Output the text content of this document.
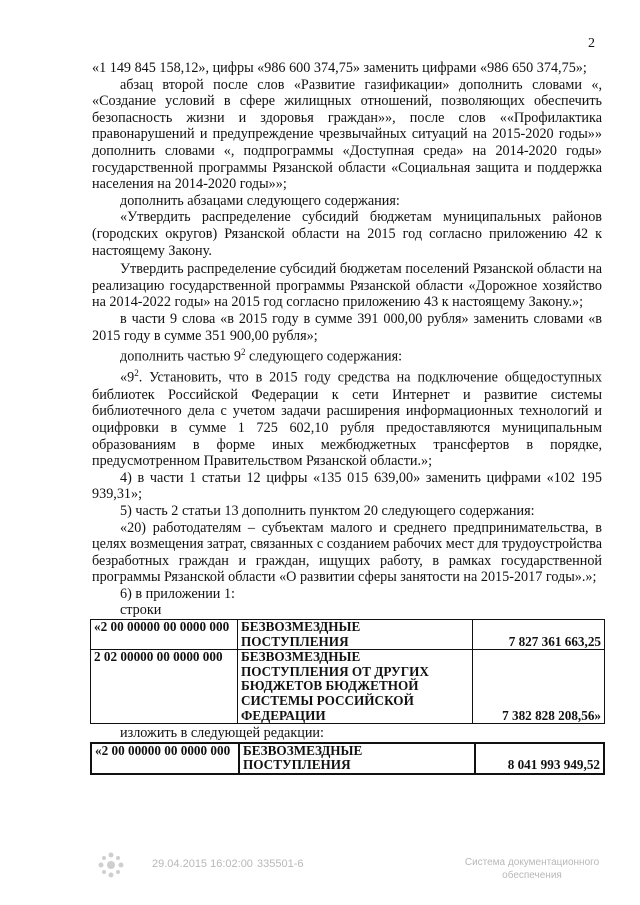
2

«1 149 845 158,12», цифры «986 600 374,75» заменить цифрами «986 650 374,75»;

абзац второй после слов «Развитие газификации» дополнить словами «, «Создание условий в сфере жилищных отношений, позволяющих обеспечить безопасность жизни и здоровья граждан»», после слов ««Профилактика правонарушений и предупреждение чрезвычайных ситуаций на 2015-2020 годы»» дополнить словами «, подпрограммы «Доступная среда» на 2014-2020 годы» государственной программы Рязанской области «Социальная защита и поддержка населения на 2014-2020 годы»»;

дополнить абзацами следующего содержания:

«Утвердить распределение субсидий бюджетам муниципальных районов (городских округов) Рязанской области на 2015 год согласно приложению 42 к настоящему Закону.

Утвердить распределение субсидий бюджетам поселений Рязанской области на реализацию государственной программы Рязанской области «Дорожное хозяйство на 2014-2022 годы» на 2015 год согласно приложению 43 к настоящему Закону.»;

в части 9 слова «в 2015 году в сумме 391 000,00 рубля» заменить словами «в 2015 году в сумме 351 900,00 рубля»;

дополнить частью $9^2$ следующего содержания:

«$9^2$. Установить, что в 2015 году средства на подключение общедоступных библиотек Российской Федерации к сети Интернет и развитие системы библиотечного дела с учетом задачи расширения информационных технологий и оцифровки в сумме 1 725 602,10 рубля предоставляются муниципальным образованиям в форме иных межбюджетных трансфертов в порядке, предусмотренном Правительством Рязанской области.»;

4) в части 1 статьи 12 цифры «135 015 639,00» заменить цифрами «102 195 939,31»;

5) часть 2 статьи 13 дополнить пунктом 20 следующего содержания:

«20) работодателям – субъектам малого и среднего предпринимательства, в целях возмещения затрат, связанных с созданием рабочих мест для трудоустройства безработных граждан и граждан, ищущих работу, в рамках государственной программы Рязанской области «О развитии сферы занятости на 2015-2017 годы».»;

6) в приложении 1:

строки

«2 00 00000 00 0000 000	БЕЗВОЗМЕЗДНЫЕ ПОСТУПЛЕНИЯ	7 827 361 663,25
2 02 00000 00 0000 000	БЕЗВОЗМЕЗДНЫЕ ПОСТУПЛЕНИЯ ОТ ДРУГИХ БЮДЖЕТОВ БЮДЖЕТНОЙ СИСТЕМЫ РОССИЙСКОЙ ФЕДЕРАЦИИ	7 382 828 208,56»

изложить в следующей редакции:

«2 00 00000 00 0000 000	БЕЗВОЗМЕЗДНЫЕ ПОСТУПЛЕНИЯ	8 041 993 949,52
29.04.2015 16:02:00 335501-6	Система документационного обеспечения
